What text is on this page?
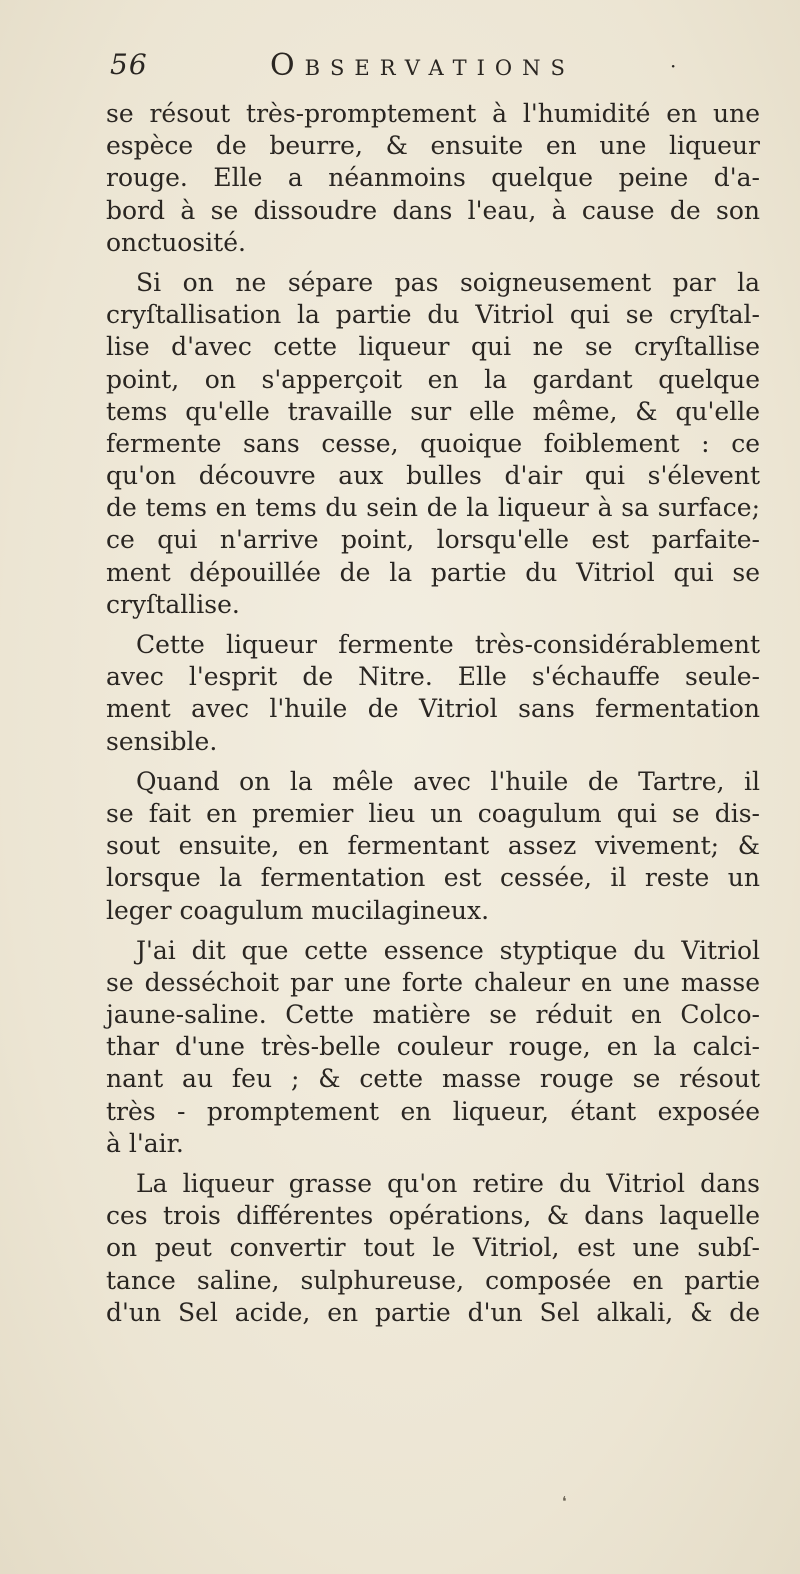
56	Observations	·
se résout très-promptement à l'humidité en une
espèce de beurre, & ensuite en une liqueur
rouge. Elle a néanmoins quelque peine d'a-
bord à se dissoudre dans l'eau, à cause de son
onctuosité.
Si on ne sépare pas soigneusement par la
cryſtallisation la partie du Vitriol qui se cryſtal-
lise d'avec cette liqueur qui ne se cryſtallise
point, on s'apperçoit en la gardant quelque
tems qu'elle travaille sur elle même, & qu'elle
fermente sans cesse, quoique foiblement : ce
qu'on découvre aux bulles d'air qui s'élevent
de tems en tems du sein de la liqueur à sa surface;
ce qui n'arrive point, lorsqu'elle est parfaite-
ment dépouillée de la partie du Vitriol qui se
cryſtallise.
Cette liqueur fermente très-considérablement
avec l'esprit de Nitre. Elle s'échauffe seule-
ment avec l'huile de Vitriol sans fermentation
sensible.
Quand on la mêle avec l'huile de Tartre, il
se fait en premier lieu un coagulum qui se dis-
sout ensuite, en fermentant assez vivement; &
lorsque la fermentation est cessée, il reste un
leger coagulum mucilagineux.
J'ai dit que cette essence styptique du Vitriol
se desséchoit par une forte chaleur en une masse
jaune-saline. Cette matière se réduit en Colco-
thar d'une très-belle couleur rouge, en la calci-
nant au feu ; & cette masse rouge se résout
très - promptement en liqueur, étant exposée
à l'air.
La liqueur grasse qu'on retire du Vitriol dans
ces trois différentes opérations, & dans laquelle
on peut convertir tout le Vitriol, est une subſ-
tance saline, sulphureuse, composée en partie
d'un Sel acide, en partie d'un Sel alkali, & de
❛
